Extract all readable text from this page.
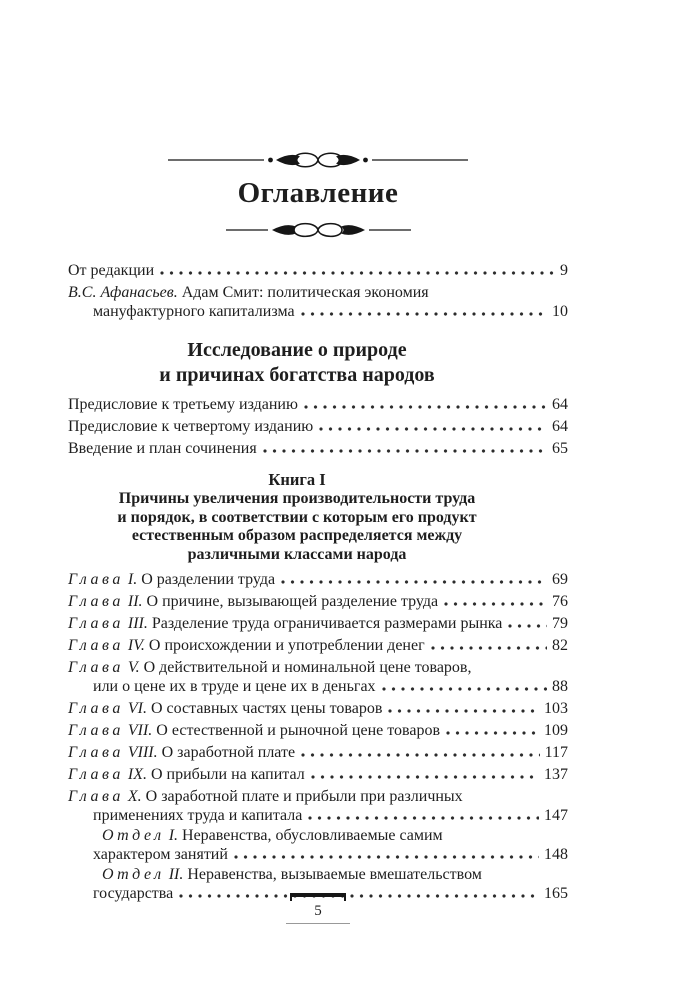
Оглавление
От редакции	9
В.С. Афанасьев. Адам Смит: политическая экономия
мануфактурного капитализма	10
Исследование о природе
и причинах богатства народов
Предисловие к третьему изданию	64
Предисловие к четвертому изданию	64
Введение и план сочинения	65
Книга I
Причины увеличения производительности труда
и порядок, в соответствии с которым его продукт
естественным образом распределяется между
различными классами народа
Глава I. О разделении труда	69
Глава II. О причине, вызывающей разделение труда	76
Глава III. Разделение труда ограничивается размерами рынка	79
Глава IV. О происхождении и употреблении денег	82
Глава V. О действительной и номинальной цене товаров,
или о цене их в труде и цене их в деньгах	88
Глава VI. О составных частях цены товаров	103
Глава VII. О естественной и рыночной цене товаров	109
Глава VIII. О заработной плате	117
Глава IX. О прибыли на капитал	137
Глава X. О заработной плате и прибыли при различных
применениях труда и капитала	147
Отдел I. Неравенства, обусловливаемые самим
характером занятий	148
Отдел II. Неравенства, вызываемые вмешательством
государства	165
5
